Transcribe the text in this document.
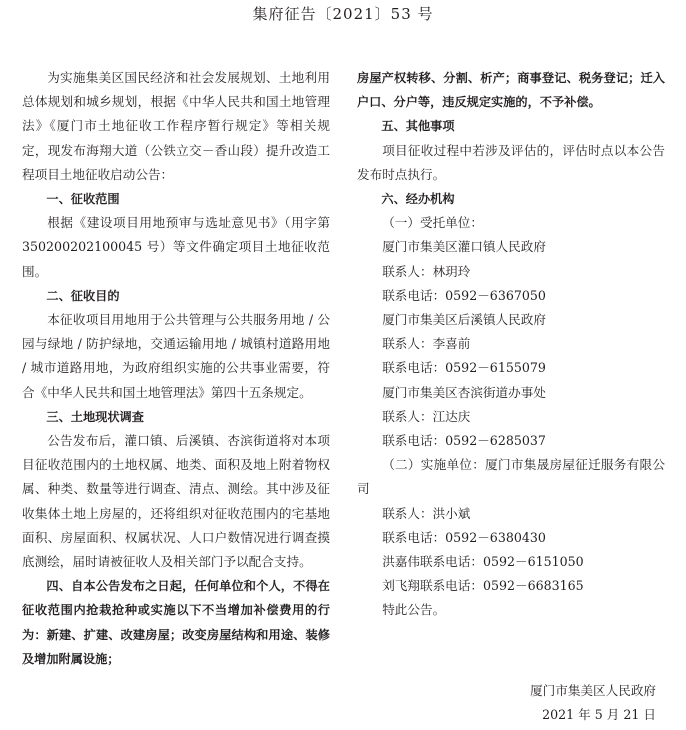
集府征告〔2021〕53 号

为实施集美区国民经济和社会发展规划、土地利用总体规划和城乡规划，根据《中华人民共和国土地管理法》《厦门市土地征收工作程序暂行规定》等相关规定，现发布海翔大道（公铁立交－香山段）提升改造工程项目土地征收启动公告：

一、征收范围

根据《建设项目用地预审与选址意见书》（用字第 350200202100045 号）等文件确定项目土地征收范围。

二、征收目的

本征收项目用地用于公共管理与公共服务用地 / 公园与绿地 / 防护绿地，交通运输用地 / 城镇村道路用地 / 城市道路用地，为政府组织实施的公共事业需要，符合《中华人民共和国土地管理法》第四十五条规定。

三、土地现状调查

公告发布后，灌口镇、后溪镇、杏滨街道将对本项目征收范围内的土地权属、地类、面积及地上附着物权属、种类、数量等进行调查、清点、测绘。其中涉及征收集体土地上房屋的，还将组织对征收范围内的宅基地面积、房屋面积、权属状况、人口户数情况进行调查摸底测绘，届时请被征收人及相关部门予以配合支持。

四、自本公告发布之日起，任何单位和个人，不得在征收范围内抢栽抢种或实施以下不当增加补偿费用的行为：新建、扩建、改建房屋；改变房屋结构和用途、装修及增加附属设施；

房屋产权转移、分割、析产；商事登记、税务登记；迁入户口、分户等，违反规定实施的，不予补偿。

五、其他事项

项目征收过程中若涉及评估的，评估时点以本公告发布时点执行。

六、经办机构

（一）受托单位：

厦门市集美区灌口镇人民政府

联系人：林玥玲

联系电话：0592－6367050

厦门市集美区后溪镇人民政府

联系人：李喜前

联系电话：0592－6155079

厦门市集美区杏滨街道办事处

联系人：江达庆

联系电话：0592－6285037

（二）实施单位：厦门市集晟房屋征迁服务有限公司

联系人：洪小斌

联系电话：0592－6380430

洪嘉伟联系电话：0592－6151050

刘飞翔联系电话：0592－6683165

特此公告。

厦门市集美区人民政府
2021 年 5 月 21 日
